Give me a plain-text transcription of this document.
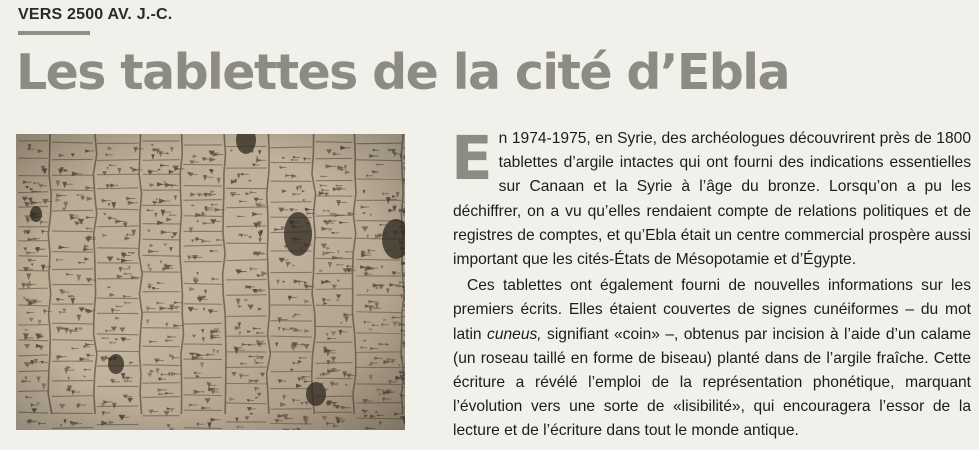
VERS 2500 AV. J.-C.
Les tablettes de la cité d’Ebla

En 1974-1975, en Syrie, des archéologues découvrirent près de 1800 tablettes d’argile intactes qui ont fourni des indications essentielles sur Canaan et la Syrie à l’âge du bronze. Lorsqu’on a pu les déchiffrer, on a vu qu’elles rendaient compte de relations politiques et de registres de comptes, et qu’Ebla était un centre commercial prospère aussi important que les cités-États de Mésopotamie et d’Égypte.

Ces tablettes ont également fourni de nouvelles informations sur les premiers écrits. Elles étaient couvertes de signes cunéiformes – du mot latin cuneus, signifiant «coin» –, obtenus par incision à l’aide d’un calame (un roseau taillé en forme de biseau) planté dans de l’argile fraîche. Cette écriture a révélé l’emploi de la représentation phonétique, marquant l’évolution vers une sorte de «lisibilité», qui encouragera l’essor de la lecture et de l’écriture dans tout le monde antique.
